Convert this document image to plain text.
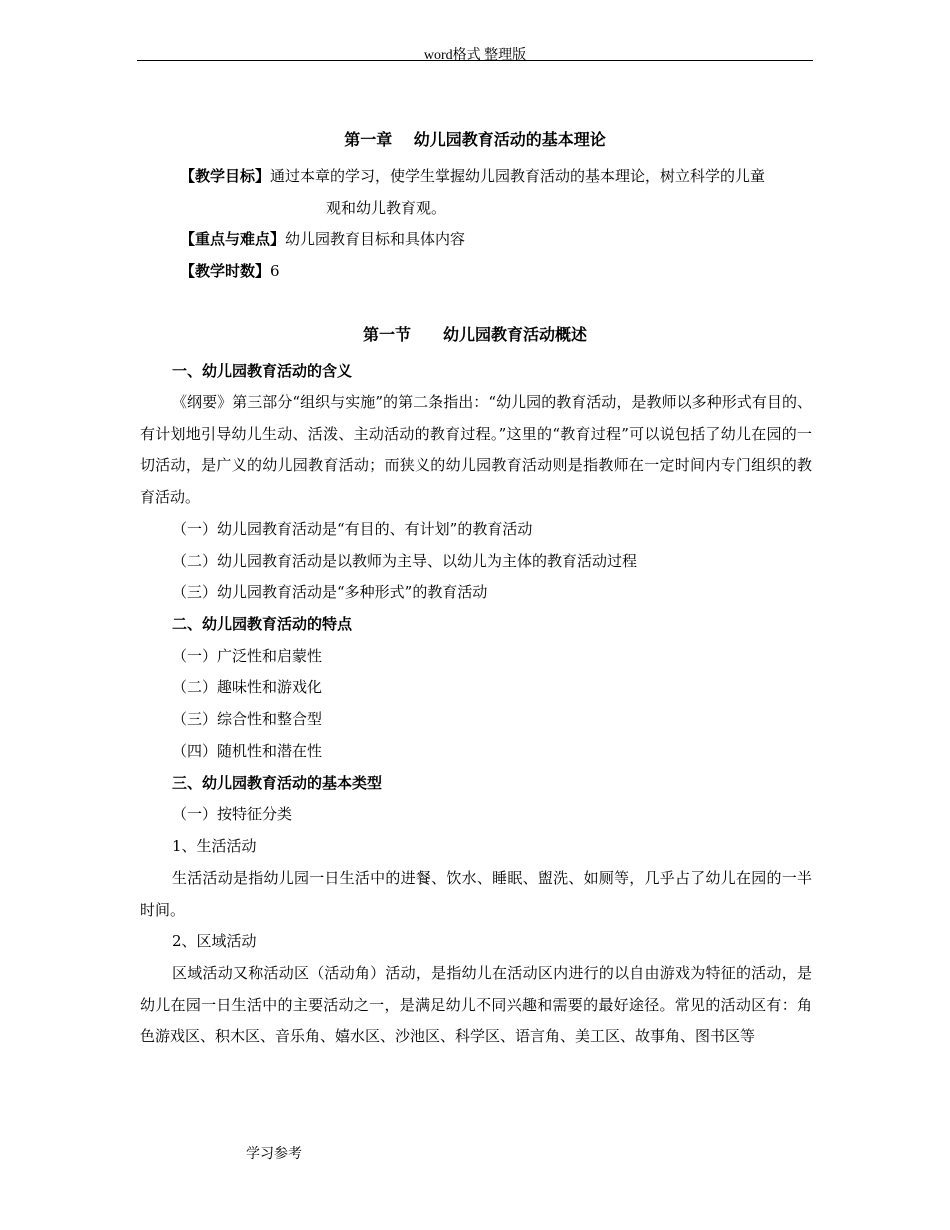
word格式 整理版
第一章　 幼儿园教育活动的基本理论
【教学目标】通过本章的学习，使学生掌握幼儿园教育活动的基本理论，树立科学的儿童
观和幼儿教育观。
【重点与难点】幼儿园教育目标和具体内容
【教学时数】6
第一节　　幼儿园教育活动概述
一、幼儿园教育活动的含义
《纲要》第三部分“组织与实施”的第二条指出：“幼儿园的教育活动，是教师以多种形式有目的、有计划地引导幼儿生动、活泼、主动活动的教育过程。”这里的“教育过程”可以说包括了幼儿在园的一切活动，是广义的幼儿园教育活动；而狭义的幼儿园教育活动则是指教师在一定时间内专门组织的教育活动。
（一）幼儿园教育活动是“有目的、有计划”的教育活动
（二）幼儿园教育活动是以教师为主导、以幼儿为主体的教育活动过程
（三）幼儿园教育活动是“多种形式”的教育活动
二、幼儿园教育活动的特点
（一）广泛性和启蒙性
（二）趣味性和游戏化
（三）综合性和整合型
（四）随机性和潜在性
三、幼儿园教育活动的基本类型
（一）按特征分类
1、生活活动
生活活动是指幼儿园一日生活中的进餐、饮水、睡眠、盥洗、如厕等，几乎占了幼儿在园的一半时间。
2、区域活动
区域活动又称活动区（活动角）活动，是指幼儿在活动区内进行的以自由游戏为特征的活动，是幼儿在园一日生活中的主要活动之一，是满足幼儿不同兴趣和需要的最好途径。常见的活动区有：角色游戏区、积木区、音乐角、嬉水区、沙池区、科学区、语言角、美工区、故事角、图书区等
学习参考
